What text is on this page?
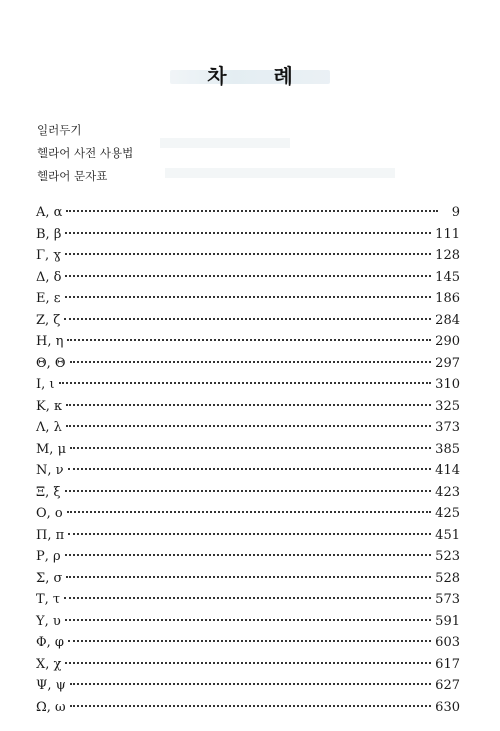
차 례
일러두기
헬라어 사전 사용법
헬라어 문자표
Α, α	9
Β, β	111
Γ, ɣ	128
Δ, δ	145
Ε, ε	186
Ζ, ζ	284
Η, η	290
Θ, Θ	297
Ι, ι	310
Κ, κ	325
Λ, λ	373
Μ, μ	385
Ν, ν	414
Ξ, ξ	423
Ο, ο	425
Π, π	451
Ρ, ρ	523
Σ, σ	528
Τ, τ	573
Υ, υ	591
Φ, φ	603
Χ, χ	617
Ψ, ψ	627
Ω, ω	630
